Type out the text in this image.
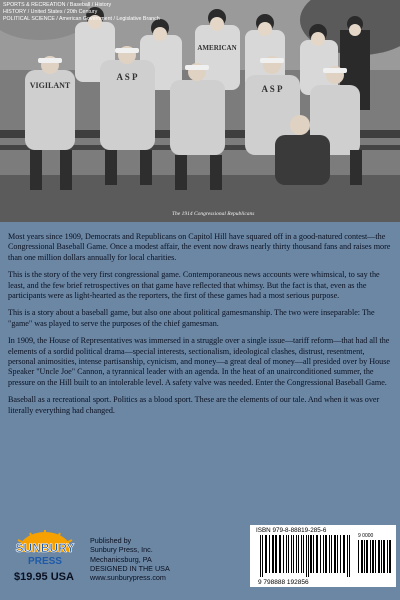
VIGILANT
A S P
AMERICAN
A S P

SPORTS & RECREATION / Baseball / History

HISTORY / United States / 20th Century

POLITICAL SCIENCE / American Government / Legislative Branch

The 1914 Congressional Republicans

Most years since 1909, Democrats and Republicans on Capitol Hill have squared off in a good-natured contest—the Congressional Baseball Game. Once a modest affair, the event now draws nearly thirty thousand fans and raises more than one million dollars annually for local charities.

This is the story of the very first congressional game. Contemporaneous news accounts were whimsical, to say the least, and the few brief retrospectives on that game have reflected that whimsy. But the fact is that, even as the participants were as light-hearted as the reporters, the first of these games had a most serious purpose.

This is a story about a baseball game, but also one about political gamesmanship. The two were inseparable: The "game" was played to serve the purposes of the chief gamesman.

In 1909, the House of Representatives was immersed in a struggle over a single issue—tariff reform—that had all the elements of a sordid political drama—special interests, sectionalism, ideological clashes, distrust, resentment, personal animosities, intense partisanship, cynicism, and money—a great deal of money—all presided over by House Speaker "Uncle Joe" Cannon, a tyrannical leader with an agenda. In the heat of an unairconditioned summer, the pressure on the Hill built to an intolerable level. A safety valve was needed. Enter the Congressional Baseball Game.

Baseball as a recreational sport. Politics as a blood sport. These are the elements of our tale. And when it was over literally everything had changed.

SUNBURY
PRESS

$19.95 USA

Published by
Sunbury Press, Inc.
Mechanicsburg, PA
DESIGNED IN THE USA
www.sunburypress.com
ISBN 979-8-88819-285-6
9 798888 192856
9 0000
